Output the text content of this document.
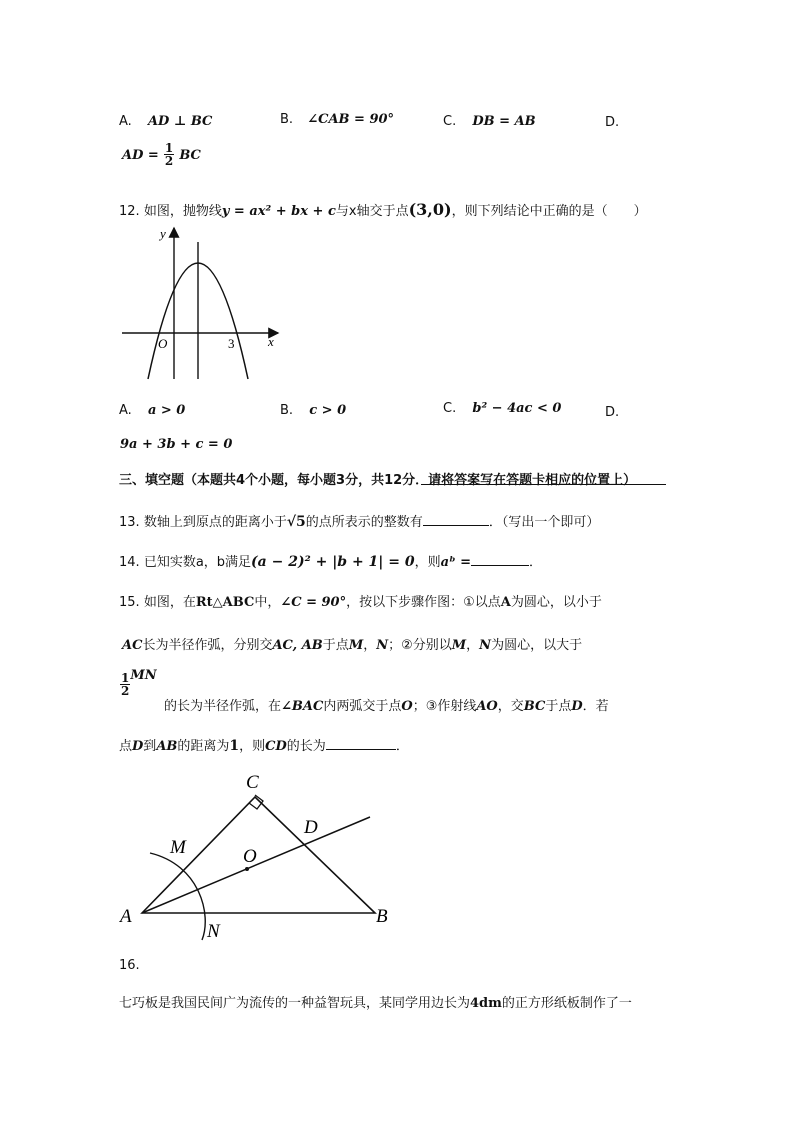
A. AD ⊥ BC	B. ∠CAB = 90°	C. DB = AB	D.
AD = $\frac{1}{2}$ BC
12. 如图，抛物线y = ax² + bx + c与x轴交于点(3,0)，则下列结论中正确的是（　　）
y
x
O	3
A. a > 0	B. c > 0	C. b² − 4ac < 0	D.
9a + 3b + c = 0
三、填空题（本题共4个小题，每小题3分，共12分．请将答案写在答题卡相应的位置上）
13. 数轴上到原点的距离小于√5的点所表示的整数有	．（写出一个即可）
14. 已知实数a，b满足(a − 2)² + |b + 1| = 0，则aᵇ =	．
15. 如图，在Rt△ABC中，∠C = 90°，按以下步骤作图：①以点A为圆心，以小于
AC长为半径作弧，分别交AC, AB于点M，N；②分别以M，N为圆心，以大于
$\frac{1}{2}$ MN
的长为半径作弧，在∠BAC内两弧交于点O；③作射线AO，交BC于点D．若
点D到AB的距离为1，则CD的长为	．
C
M
D
O
A
N
B
16.
七巧板是我国民间广为流传的一种益智玩具，某同学用边长为4dm的正方形纸板制作了一
